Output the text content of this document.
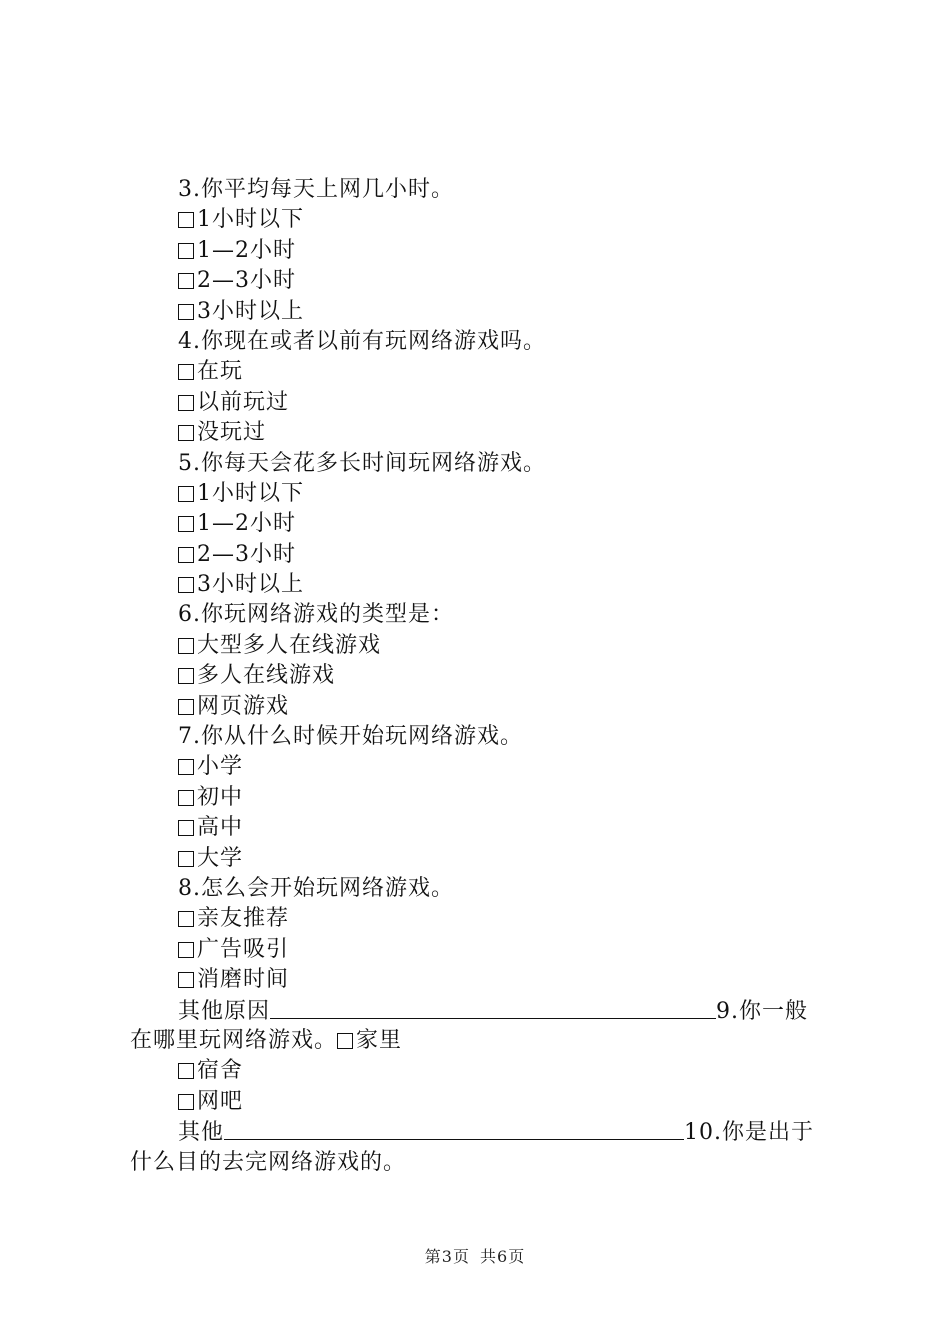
3.你平均每天上网几小时。
1小时以下
1—2小时
2—3小时
3小时以上
4.你现在或者以前有玩网络游戏吗。
在玩
以前玩过
没玩过
5.你每天会花多长时间玩网络游戏。
1小时以下
1—2小时
2—3小时
3小时以上
6.你玩网络游戏的类型是：
大型多人在线游戏
多人在线游戏
网页游戏
7.你从什么时候开始玩网络游戏。
小学
初中
高中
大学
8.怎么会开始玩网络游戏。
亲友推荐
广告吸引
消磨时间
其他原因	9.你一般
在哪里玩网络游戏。 家里
宿舍
网吧
其他	10.你是出于
什么目的去完网络游戏的。
第3页 共6页
